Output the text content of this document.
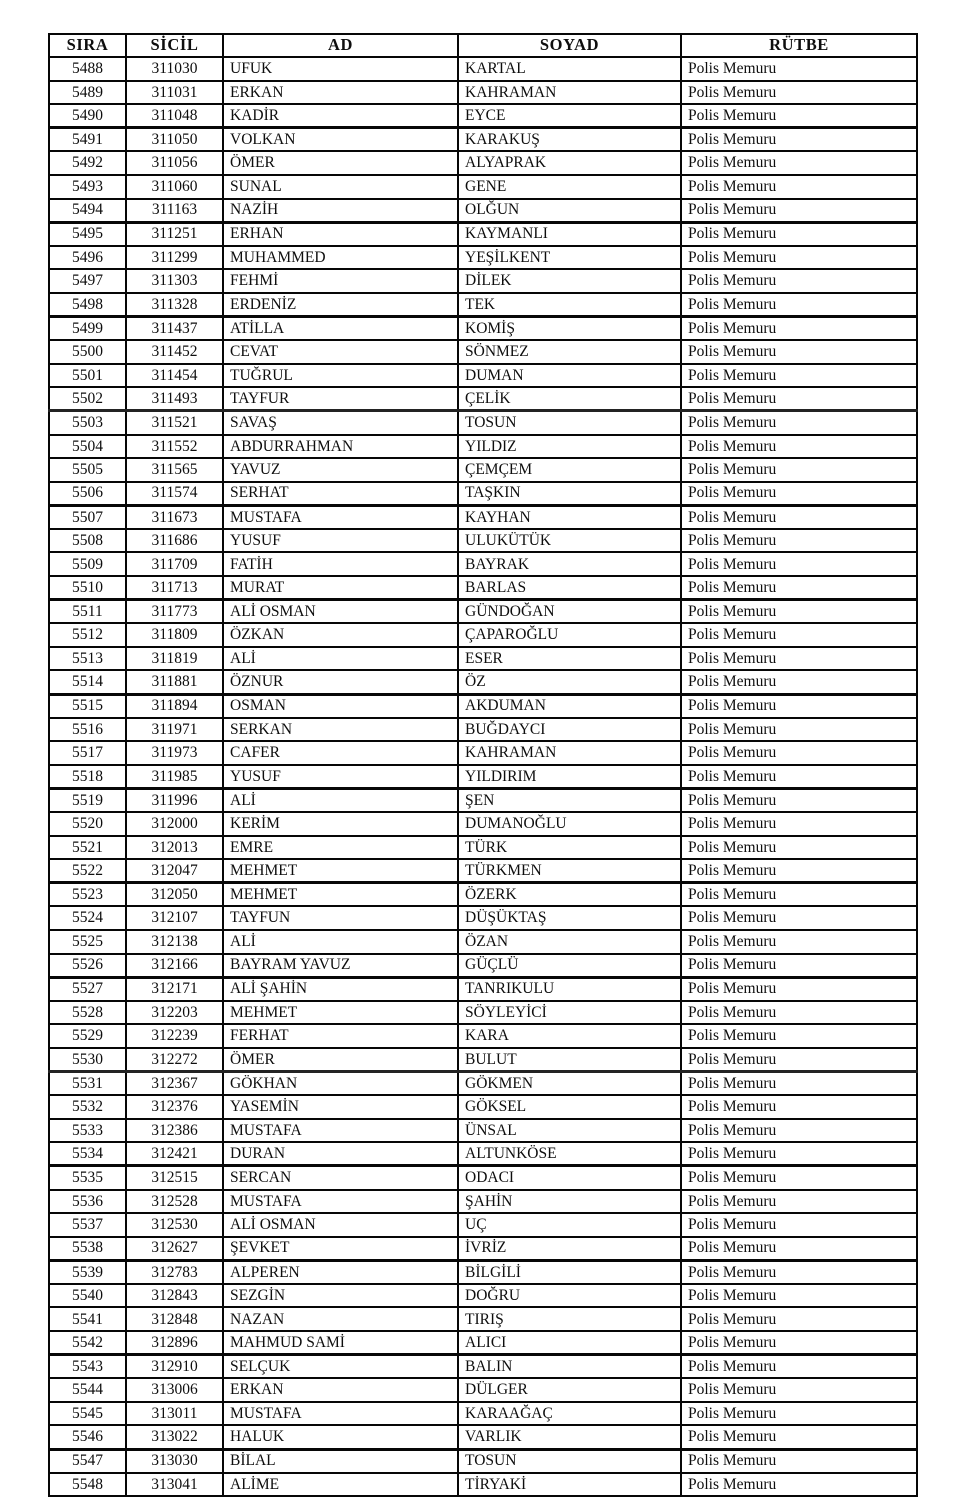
SIRA	SİCİL	AD	SOYAD	RÜTBE
5488	311030	UFUK	KARTAL	Polis Memuru
5489	311031	ERKAN	KAHRAMAN	Polis Memuru
5490	311048	KADİR	EYCE	Polis Memuru
5491	311050	VOLKAN	KARAKUŞ	Polis Memuru
5492	311056	ÖMER	ALYAPRAK	Polis Memuru
5493	311060	SUNAL	GENE	Polis Memuru
5494	311163	NAZİH	OLĞUN	Polis Memuru
5495	311251	ERHAN	KAYMANLI	Polis Memuru
5496	311299	MUHAMMED	YEŞİLKENT	Polis Memuru
5497	311303	FEHMİ	DİLEK	Polis Memuru
5498	311328	ERDENİZ	TEK	Polis Memuru
5499	311437	ATİLLA	KOMİŞ	Polis Memuru
5500	311452	CEVAT	SÖNMEZ	Polis Memuru
5501	311454	TUĞRUL	DUMAN	Polis Memuru
5502	311493	TAYFUR	ÇELİK	Polis Memuru
5503	311521	SAVAŞ	TOSUN	Polis Memuru
5504	311552	ABDURRAHMAN	YILDIZ	Polis Memuru
5505	311565	YAVUZ	ÇEMÇEM	Polis Memuru
5506	311574	SERHAT	TAŞKIN	Polis Memuru
5507	311673	MUSTAFA	KAYHAN	Polis Memuru
5508	311686	YUSUF	ULUKÜTÜK	Polis Memuru
5509	311709	FATİH	BAYRAK	Polis Memuru
5510	311713	MURAT	BARLAS	Polis Memuru
5511	311773	ALİ OSMAN	GÜNDOĞAN	Polis Memuru
5512	311809	ÖZKAN	ÇAPAROĞLU	Polis Memuru
5513	311819	ALİ	ESER	Polis Memuru
5514	311881	ÖZNUR	ÖZ	Polis Memuru
5515	311894	OSMAN	AKDUMAN	Polis Memuru
5516	311971	SERKAN	BUĞDAYCI	Polis Memuru
5517	311973	CAFER	KAHRAMAN	Polis Memuru
5518	311985	YUSUF	YILDIRIM	Polis Memuru
5519	311996	ALİ	ŞEN	Polis Memuru
5520	312000	KERİM	DUMANOĞLU	Polis Memuru
5521	312013	EMRE	TÜRK	Polis Memuru
5522	312047	MEHMET	TÜRKMEN	Polis Memuru
5523	312050	MEHMET	ÖZERK	Polis Memuru
5524	312107	TAYFUN	DÜŞÜKTAŞ	Polis Memuru
5525	312138	ALİ	ÖZAN	Polis Memuru
5526	312166	BAYRAM YAVUZ	GÜÇLÜ	Polis Memuru
5527	312171	ALİ ŞAHİN	TANRIKULU	Polis Memuru
5528	312203	MEHMET	SÖYLEYİCİ	Polis Memuru
5529	312239	FERHAT	KARA	Polis Memuru
5530	312272	ÖMER	BULUT	Polis Memuru
5531	312367	GÖKHAN	GÖKMEN	Polis Memuru
5532	312376	YASEMİN	GÖKSEL	Polis Memuru
5533	312386	MUSTAFA	ÜNSAL	Polis Memuru
5534	312421	DURAN	ALTUNKÖSE	Polis Memuru
5535	312515	SERCAN	ODACI	Polis Memuru
5536	312528	MUSTAFA	ŞAHİN	Polis Memuru
5537	312530	ALİ OSMAN	UÇ	Polis Memuru
5538	312627	ŞEVKET	İVRİZ	Polis Memuru
5539	312783	ALPEREN	BİLGİLİ	Polis Memuru
5540	312843	SEZGİN	DOĞRU	Polis Memuru
5541	312848	NAZAN	TIRIŞ	Polis Memuru
5542	312896	MAHMUD SAMİ	ALICI	Polis Memuru
5543	312910	SELÇUK	BALIN	Polis Memuru
5544	313006	ERKAN	DÜLGER	Polis Memuru
5545	313011	MUSTAFA	KARAAĞAÇ	Polis Memuru
5546	313022	HALUK	VARLIK	Polis Memuru
5547	313030	BİLAL	TOSUN	Polis Memuru
5548	313041	ALİME	TİRYAKİ	Polis Memuru
